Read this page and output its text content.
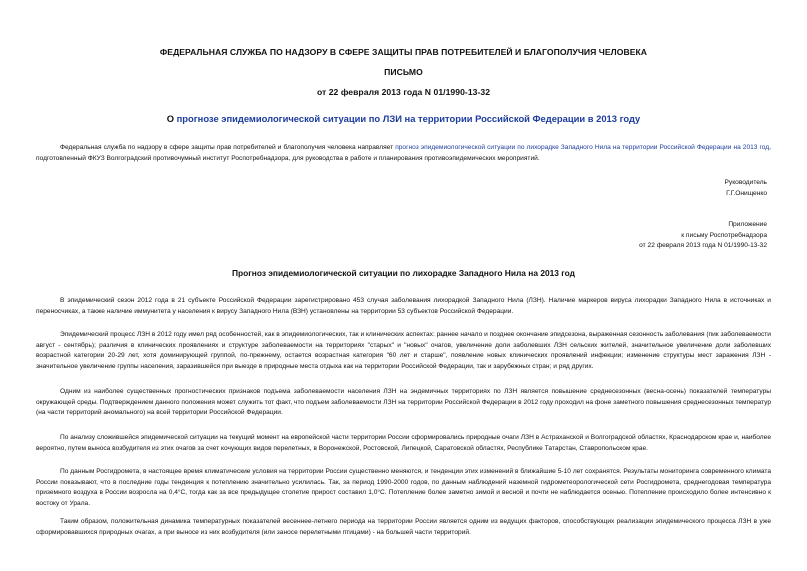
ФЕДЕРАЛЬНАЯ СЛУЖБА ПО НАДЗОРУ В СФЕРЕ ЗАЩИТЫ ПРАВ ПОТРЕБИТЕЛЕЙ И БЛАГОПОЛУЧИЯ ЧЕЛОВЕКА
ПИСЬМО
от 22 февраля 2013 года N 01/1990-13-32
О прогнозе эпидемиологической ситуации по ЛЗИ на территории Российской Федерации в 2013 году

Федеральная служба по надзору в сфере защиты прав потребителей и благополучия человека направляет прогноз эпидемиологической ситуации по лихорадке Западного Нила на территории Российской Федерации на 2013 год, подготовленный ФКУЗ Волгоградский противочумный институт Роспотребнадзора, для руководства в работе и планирования противоэпидемических мероприятий.

Руководитель
Г.Г.Онищенко
Приложение
к письму Роспотребнадзора
от 22 февраля 2013 года N 01/1990-13-32
Прогноз эпидемиологической ситуации по лихорадке Западного Нила на 2013 год

В эпидемический сезон 2012 года в 21 субъекте Российской Федерации зарегистрировано 453 случая заболевания лихорадкой Западного Нила (ЛЗН). Наличие маркеров вируса лихорадки Западного Нила в источниках и переносчиках, а также наличие иммунитета у населения к вирусу Западного Нила (ВЗН) установлены на территории 53 субъектов Российской Федерации.

Эпидемический процесс ЛЗН в 2012 году имел ряд особенностей, как в эпидемиологических, так и клинических аспектах: раннее начало и позднее окончание эпидсезона, выраженная сезонность заболевания (пик заболеваемости август - сентябрь); различия в клинических проявлениях и структуре заболеваемости на территориях "старых" и "новых" очагов, увеличение доли заболевших ЛЗН сельских жителей, значительное увеличение доли заболевших возрастной категории 20-29 лет, хотя доминирующей группой, по-прежнему, остается возрастная категория "60 лет и старше", появление новых клинических проявлений инфекции; изменение структуры мест заражения ЛЗН - значительное увеличение группы населения, заразившейся при выезде в природные места отдыха как на территории Российской Федерации, так и зарубежных стран; и ряд других.

Одним из наиболее существенных прогностических признаков подъема заболеваемости населения ЛЗН на эндемичных территориях по ЛЗН является повышение среднесезонных (весна-осень) показателей температуры окружающей среды. Подтверждением данного положения может служить тот факт, что подъем заболеваемости ЛЗН на территории Российской Федерации в 2012 году проходил на фоне заметного повышения среднесезонных температур (на части территорий аномального) на всей территории Российской Федерации.

По анализу сложившейся эпидемической ситуации на текущий момент на европейской части территории России сформировались природные очаги ЛЗН в Астраханской и Волгоградской областях, Краснодарском крае и, наиболее вероятно, путем выноса возбудителя из этих очагов за счет кочующих видов перелетных, в Воронежской, Ростовской, Липецкой, Саратовской областях, Республике Татарстан, Ставропольском крае.

По данным Росгидромета, в настоящее время климатические условия на территории России существенно меняются, и тенденции этих изменений в ближайшие 5-10 лет сохранятся. Результаты мониторинга современного климата России показывают, что в последние годы тенденция к потеплению значительно усилилась. Так, за период 1990-2000 годов, по данным наблюдений наземной гидрометеорологической сети Росгидромета, среднегодовая температура приземного воздуха в России возросла на 0,4°С, тогда как за все предыдущее столетие прирост составил 1,0°С. Потепление более заметно зимой и весной и почти не наблюдается осенью. Потепление происходило более интенсивно к востоку от Урала.

Таким образом, положительная динамика температурных показателей весеннее-летнего периода на территории России является одним из ведущих факторов, способствующих реализации эпидемического процесса ЛЗН в уже сформировавшихся природных очагах, а при выносе из них возбудителя (или заносе перелетными птицами) - на большей части территорий.
